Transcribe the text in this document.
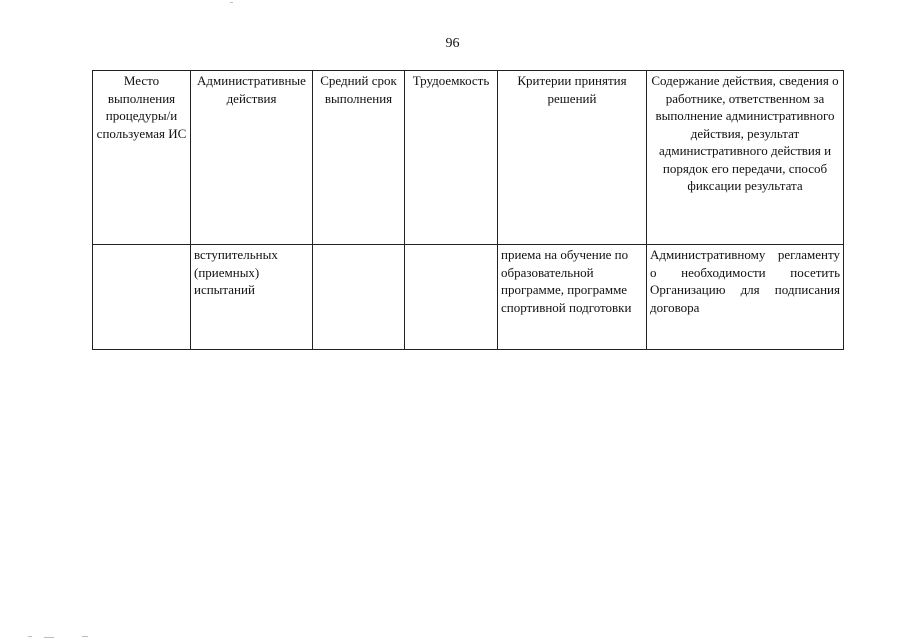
96
Место выполнения процедуры/и спользуемая ИС	Административные действия	Средний срок выполнения	Трудоемкость	Критерии принятия решений	Содержание действия, сведения о работнике, ответственном за выполнение административного действия, результат административного действия и порядок его передачи, способ фиксации результата
	вступительных (приемных) испытаний			приема на обучение по образовательной программе, программе спортивной подготовки	Административному регламенту о необходимости посетить Организацию для подписания договора
